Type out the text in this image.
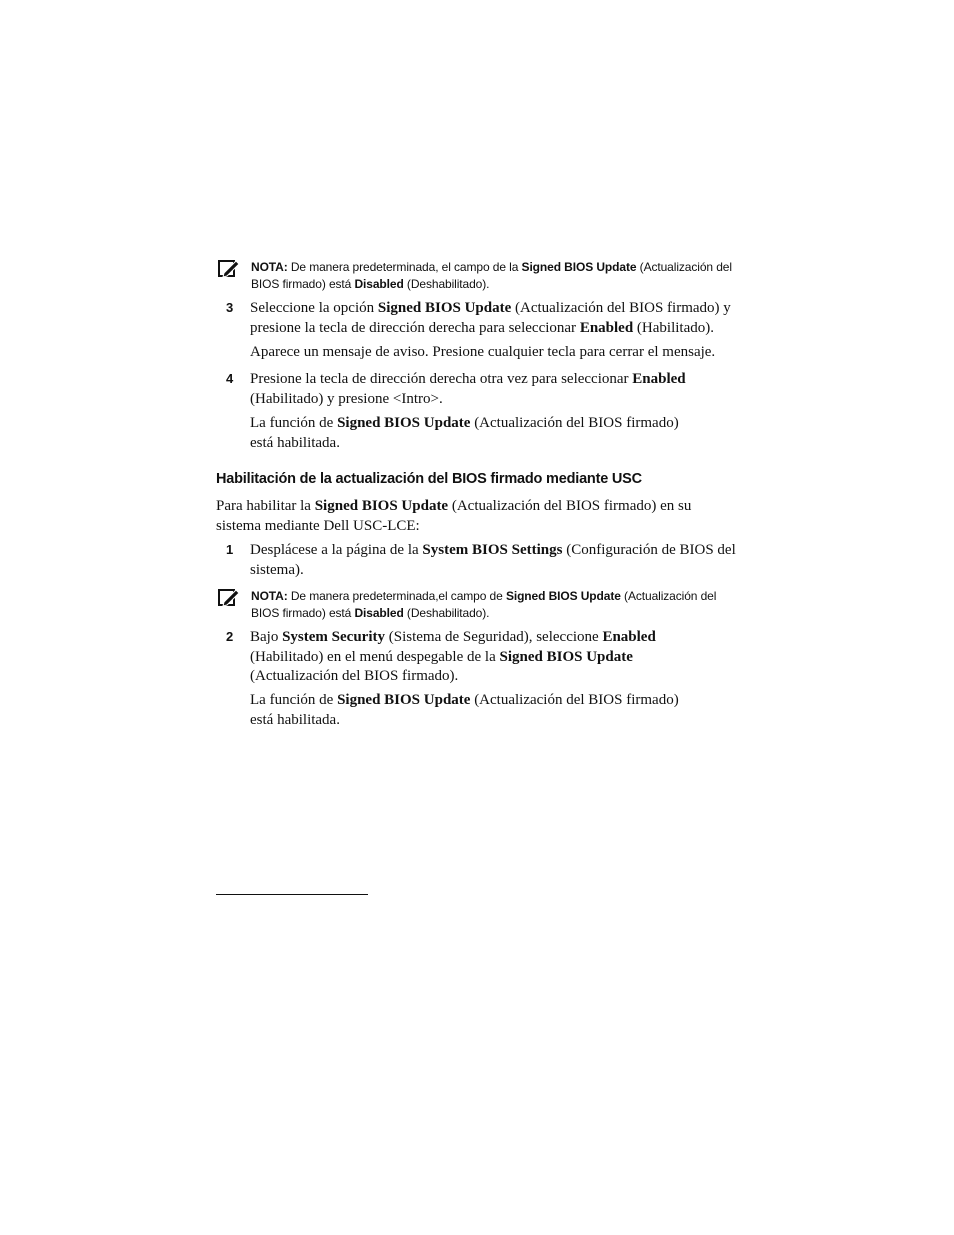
NOTA: De manera predeterminada, el campo de la Signed BIOS Update (Actualización del BIOS firmado) está Disabled (Deshabilitado).
3 Seleccione la opción Signed BIOS Update (Actualización del BIOS firmado) y presione la tecla de dirección derecha para seleccionar Enabled (Habilitado).
Aparece un mensaje de aviso. Presione cualquier tecla para cerrar el mensaje.
4 Presione la tecla de dirección derecha otra vez para seleccionar Enabled (Habilitado) y presione <Intro>.
La función de Signed BIOS Update (Actualización del BIOS firmado) está habilitada.
Habilitación de la actualización del BIOS firmado mediante USC
Para habilitar la Signed BIOS Update (Actualización del BIOS firmado) en su sistema mediante Dell USC-LCE:
1 Desplácese a la página de la System BIOS Settings (Configuración de BIOS del sistema).
NOTA: De manera predeterminada,el campo de Signed BIOS Update (Actualización del BIOS firmado) está Disabled (Deshabilitado).
2 Bajo System Security (Sistema de Seguridad), seleccione Enabled (Habilitado) en el menú despegable de la Signed BIOS Update (Actualización del BIOS firmado).
La función de Signed BIOS Update (Actualización del BIOS firmado) está habilitada.
